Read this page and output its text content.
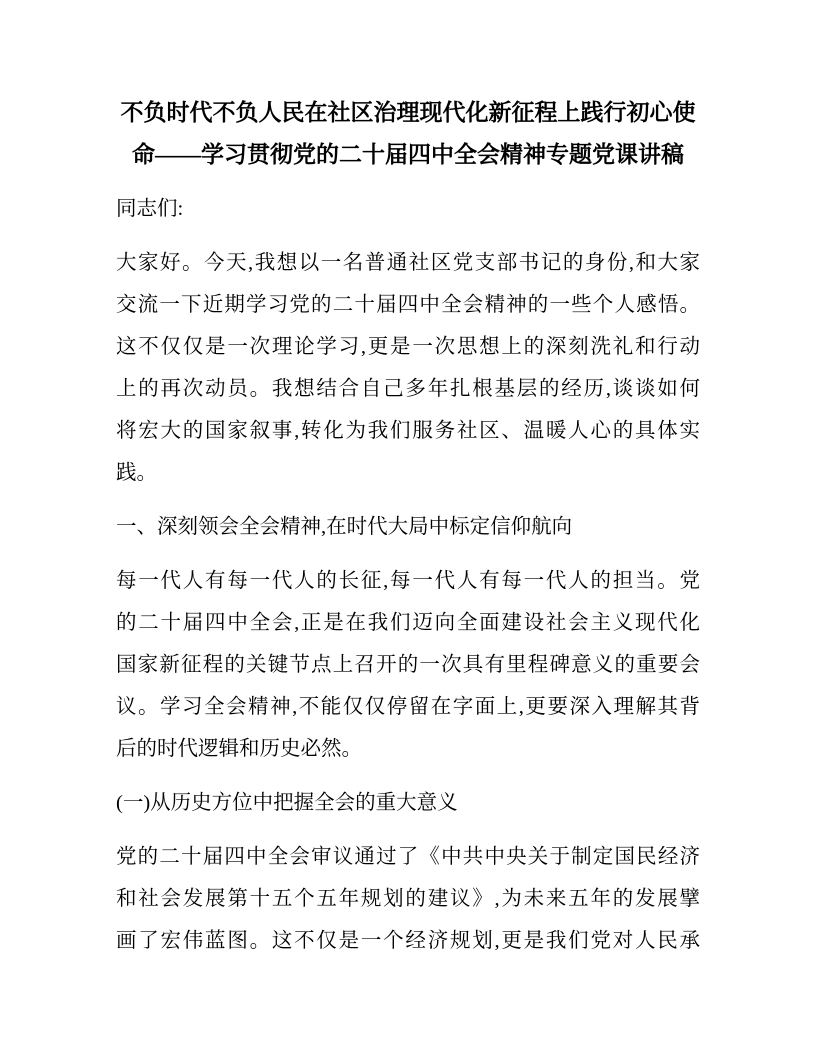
不负时代不负人民在社区治理现代化新征程上践行初心使
命——学习贯彻党的二十届四中全会精神专题党课讲稿
同志们:
大家好。今天,我想以一名普通社区党支部书记的身份,和大家
交流一下近期学习党的二十届四中全会精神的一些个人感悟。
这不仅仅是一次理论学习,更是一次思想上的深刻洗礼和行动
上的再次动员。我想结合自己多年扎根基层的经历,谈谈如何
将宏大的国家叙事,转化为我们服务社区、温暖人心的具体实
践。
一、深刻领会全会精神,在时代大局中标定信仰航向
每一代人有每一代人的长征,每一代人有每一代人的担当。党
的二十届四中全会,正是在我们迈向全面建设社会主义现代化
国家新征程的关键节点上召开的一次具有里程碑意义的重要会
议。学习全会精神,不能仅仅停留在字面上,更要深入理解其背
后的时代逻辑和历史必然。
(一)从历史方位中把握全会的重大意义
党的二十届四中全会审议通过了《中共中央关于制定国民经济
和社会发展第十五个五年规划的建议》,为未来五年的发展擘
画了宏伟蓝图。这不仅是一个经济规划,更是我们党对人民承
